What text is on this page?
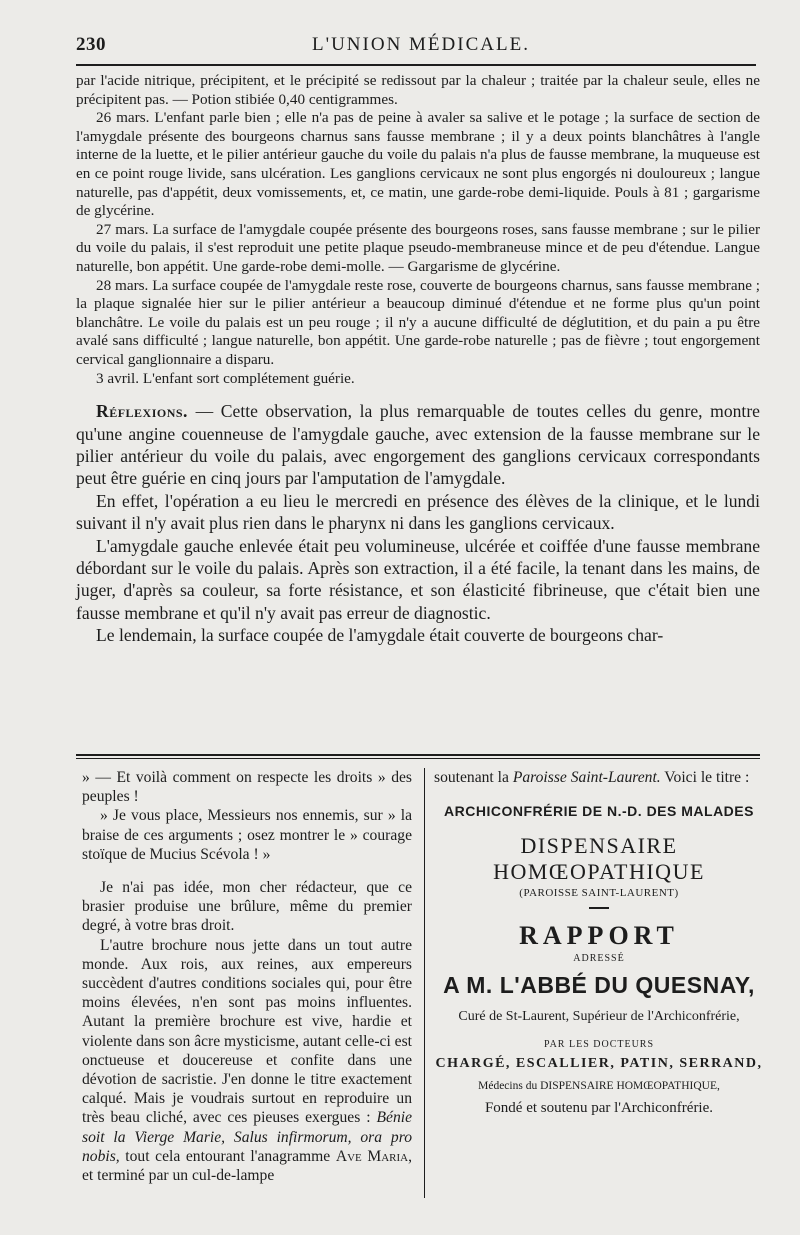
230	L'UNION MÉDICALE.

par l'acide nitrique, précipitent, et le précipité se redissout par la chaleur ; traitée par la chaleur seule, elles ne précipitent pas. — Potion stibiée 0,40 centigrammes.

26 mars. L'enfant parle bien ; elle n'a pas de peine à avaler sa salive et le potage ; la surface de section de l'amygdale présente des bourgeons charnus sans fausse membrane ; il y a deux points blanchâtres à l'angle interne de la luette, et le pilier antérieur gauche du voile du palais n'a plus de fausse membrane, la muqueuse est en ce point rouge livide, sans ulcération. Les ganglions cervicaux ne sont plus engorgés ni douloureux ; langue naturelle, pas d'appétit, deux vomissements, et, ce matin, une garde-robe demi-liquide. Pouls à 81 ; gargarisme de glycérine.

27 mars. La surface de l'amygdale coupée présente des bourgeons roses, sans fausse membrane ; sur le pilier du voile du palais, il s'est reproduit une petite plaque pseudo-membraneuse mince et de peu d'étendue. Langue naturelle, bon appétit. Une garde-robe demi-molle. — Gargarisme de glycérine.

28 mars. La surface coupée de l'amygdale reste rose, couverte de bourgeons charnus, sans fausse membrane ; la plaque signalée hier sur le pilier antérieur a beaucoup diminué d'étendue et ne forme plus qu'un point blanchâtre. Le voile du palais est un peu rouge ; il n'y a aucune difficulté de déglutition, et du pain a pu être avalé sans difficulté ; langue naturelle, bon appétit. Une garde-robe naturelle ; pas de fièvre ; tout engorgement cervical ganglionnaire a disparu.

3 avril. L'enfant sort complétement guérie.

Réflexions. — Cette observation, la plus remarquable de toutes celles du genre, montre qu'une angine couenneuse de l'amygdale gauche, avec extension de la fausse membrane sur le pilier antérieur du voile du palais, avec engorgement des ganglions cervicaux correspondants peut être guérie en cinq jours par l'amputation de l'amygdale.

En effet, l'opération a eu lieu le mercredi en présence des élèves de la clinique, et le lundi suivant il n'y avait plus rien dans le pharynx ni dans les ganglions cervicaux.

L'amygdale gauche enlevée était peu volumineuse, ulcérée et coiffée d'une fausse membrane débordant sur le voile du palais. Après son extraction, il a été facile, la tenant dans les mains, de juger, d'après sa couleur, sa forte résistance, et son élasticité fibrineuse, que c'était bien une fausse membrane et qu'il n'y avait pas erreur de diagnostic.

Le lendemain, la surface coupée de l'amygdale était couverte de bourgeons char-

» — Et voilà comment on respecte les droits » des peuples !

» Je vous place, Messieurs nos ennemis, sur » la braise de ces arguments ; osez montrer le » courage stoïque de Mucius Scévola ! »

Je n'ai pas idée, mon cher rédacteur, que ce brasier produise une brûlure, même du premier degré, à votre bras droit.

L'autre brochure nous jette dans un tout autre monde. Aux rois, aux reines, aux empereurs succèdent d'autres conditions sociales qui, pour être moins élevées, n'en sont pas moins influentes. Autant la première brochure est vive, hardie et violente dans son âcre mysticisme, autant celle-ci est onctueuse et doucereuse et confite dans une dévotion de sacristie. J'en donne le titre exactement calqué. Mais je voudrais surtout en reproduire un très beau cliché, avec ces pieuses exergues : Bénie soit la Vierge Marie, Salus infirmorum, ora pro nobis, tout cela entourant l'anagramme Ave Maria, et terminé par un cul-de-lampe

soutenant la Paroisse Saint-Laurent. Voici le titre :

ARCHICONFRÉRIE DE N.-D. DES MALADES
DISPENSAIRE HOMŒOPATHIQUE
(PAROISSE SAINT-LAURENT)
RAPPORT
ADRESSÉ
A M. L'ABBÉ DU QUESNAY,
Curé de St-Laurent, Supérieur de l'Archiconfrérie,
PAR LES DOCTEURS
CHARGÉ, ESCALLIER, PATIN, SERRAND,
Médecins du DISPENSAIRE HOMŒOPATHIQUE,
Fondé et soutenu par l'Archiconfrérie.
